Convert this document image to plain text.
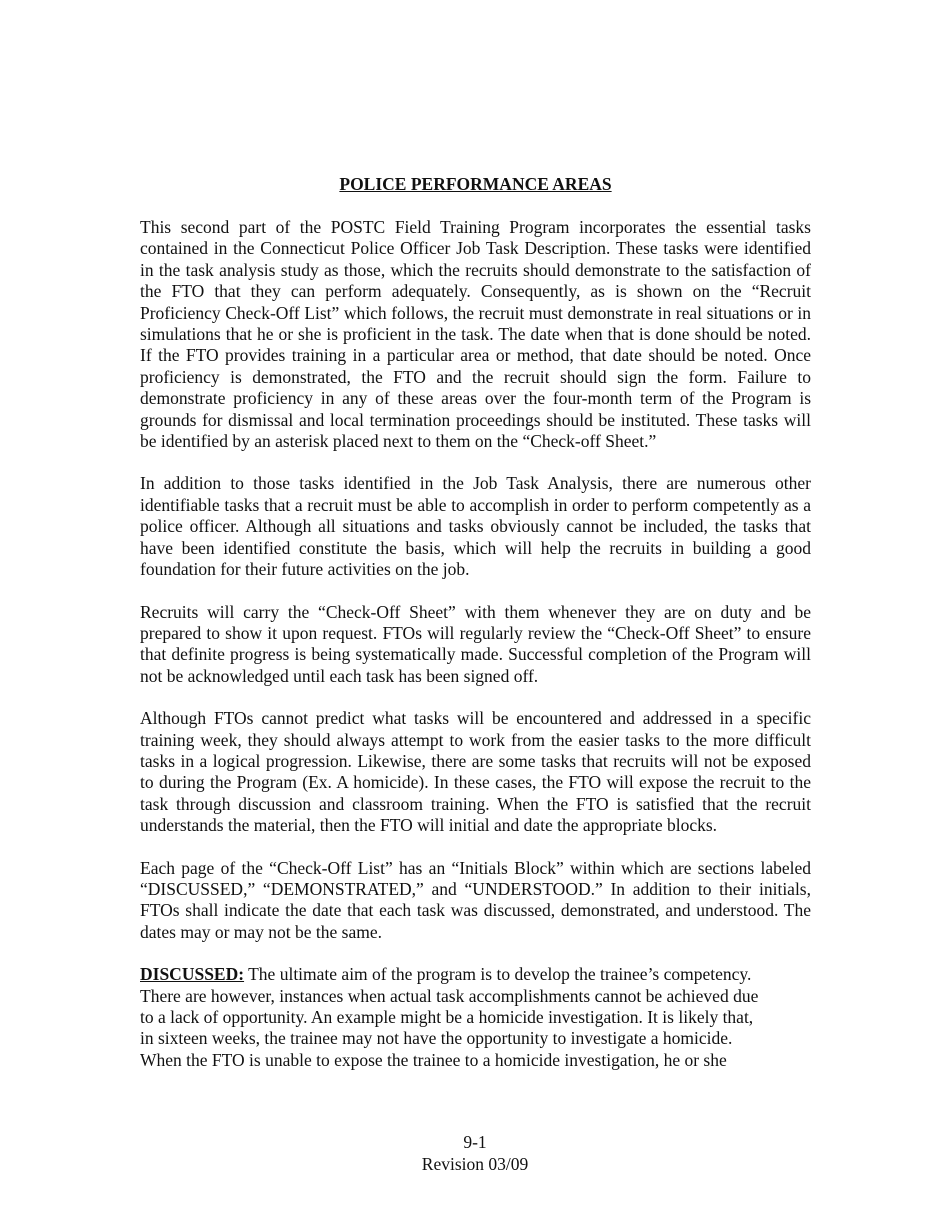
POLICE PERFORMANCE AREAS

This second part of the POSTC Field Training Program incorporates the essential tasks contained in the Connecticut Police Officer Job Task Description. These tasks were identified in the task analysis study as those, which the recruits should demonstrate to the satisfaction of the FTO that they can perform adequately. Consequently, as is shown on the “Recruit Proficiency Check-Off List” which follows, the recruit must demonstrate in real situations or in simulations that he or she is proficient in the task. The date when that is done should be noted. If the FTO provides training in a particular area or method, that date should be noted. Once proficiency is demonstrated, the FTO and the recruit should sign the form. Failure to demonstrate proficiency in any of these areas over the four-month term of the Program is grounds for dismissal and local termination proceedings should be instituted. These tasks will be identified by an asterisk placed next to them on the “Check-off Sheet.”

In addition to those tasks identified in the Job Task Analysis, there are numerous other identifiable tasks that a recruit must be able to accomplish in order to perform competently as a police officer. Although all situations and tasks obviously cannot be included, the tasks that have been identified constitute the basis, which will help the recruits in building a good foundation for their future activities on the job.

Recruits will carry the “Check-Off Sheet” with them whenever they are on duty and be prepared to show it upon request. FTOs will regularly review the “Check-Off Sheet” to ensure that definite progress is being systematically made. Successful completion of the Program will not be acknowledged until each task has been signed off.

Although FTOs cannot predict what tasks will be encountered and addressed in a specific training week, they should always attempt to work from the easier tasks to the more difficult tasks in a logical progression. Likewise, there are some tasks that recruits will not be exposed to during the Program (Ex. A homicide). In these cases, the FTO will expose the recruit to the task through discussion and classroom training. When the FTO is satisfied that the recruit understands the material, then the FTO will initial and date the appropriate blocks.

Each page of the “Check-Off List” has an “Initials Block” within which are sections labeled “DISCUSSED,” “DEMONSTRATED,” and “UNDERSTOOD.” In addition to their initials, FTOs shall indicate the date that each task was discussed, demonstrated, and understood. The dates may or may not be the same.

DISCUSSED: The ultimate aim of the program is to develop the trainee’s competency.
There are however, instances when actual task accomplishments cannot be achieved due
to a lack of opportunity. An example might be a homicide investigation. It is likely that,
in sixteen weeks, the trainee may not have the opportunity to investigate a homicide.
When the FTO is unable to expose the trainee to a homicide investigation, he or she

9-1
Revision 03/09
